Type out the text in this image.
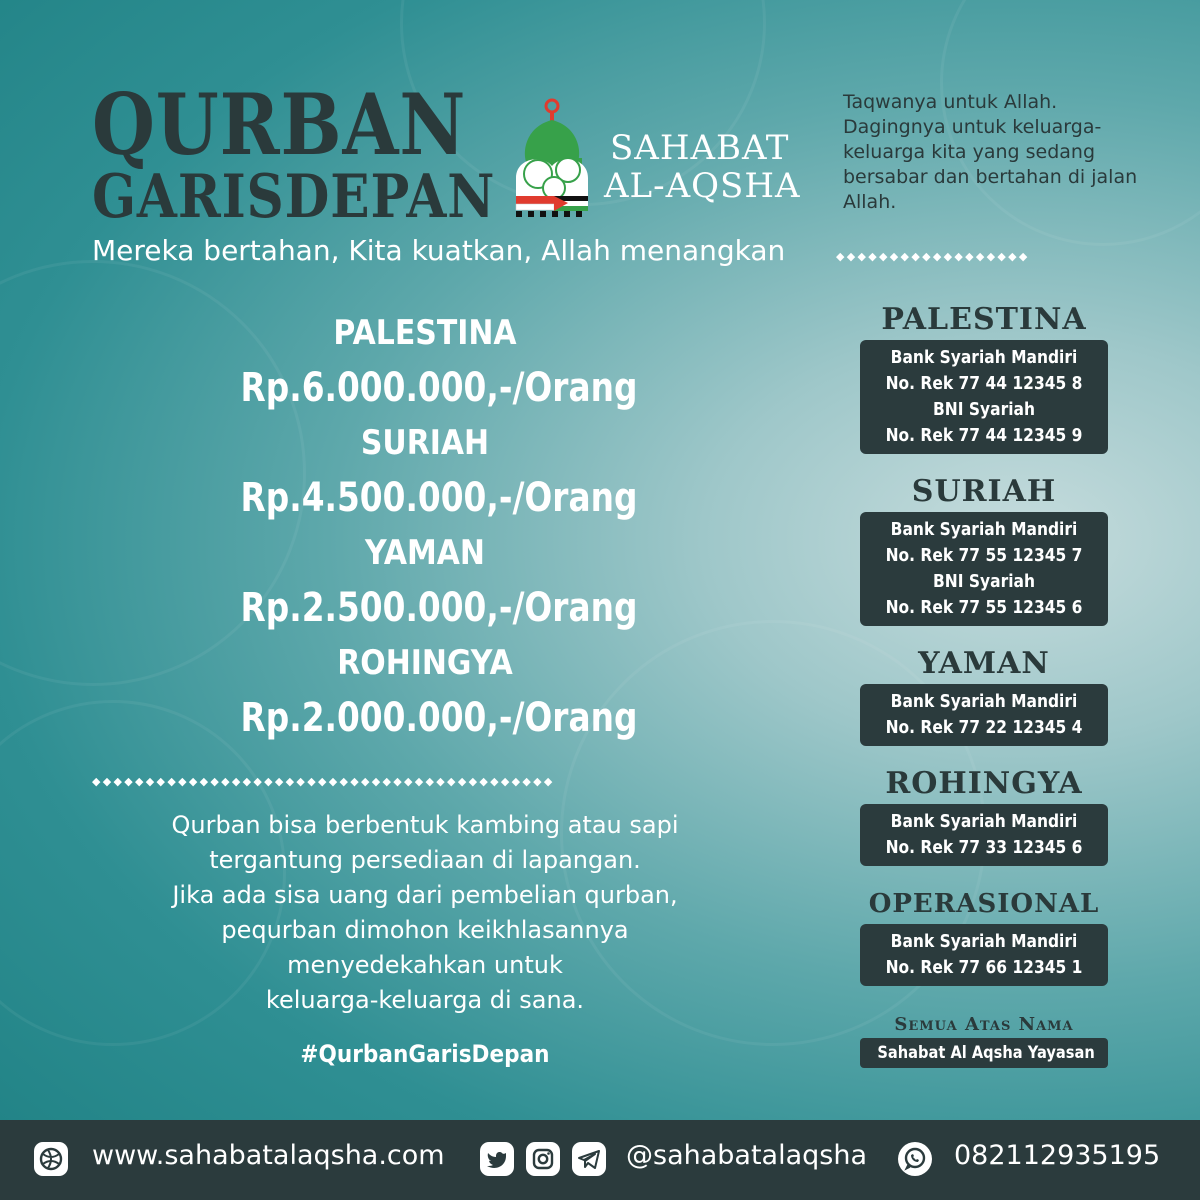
QURBAN
GARISDEPAN
Mereka bertahan, Kita kuatkan, Allah menangkan
SAHABAT
AL-AQSHA
Taqwanya untuk Allah. Dagingnya untuk keluarga-keluarga kita yang sedang bersabar dan bertahan di jalan Allah.
◆◆◆◆◆◆◆◆◆◆◆◆◆◆◆◆◆◆
PALESTINA
Rp.6.000.000,-/Orang
SURIAH
Rp.4.500.000,-/Orang
YAMAN
Rp.2.500.000,-/Orang
ROHINGYA
Rp.2.000.000,-/Orang
◆◆◆◆◆◆◆◆◆◆◆◆◆◆◆◆◆◆◆◆◆◆◆◆◆◆◆◆◆◆◆◆◆◆◆◆◆◆◆◆◆◆◆
Qurban bisa berbentuk kambing atau sapi
tergantung persediaan di lapangan.
Jika ada sisa uang dari pembelian qurban,
pequrban dimohon keikhlasannya
menyedekahkan untuk
keluarga-keluarga di sana.
#QurbanGarisDepan
PALESTINA
Bank Syariah Mandiri
No. Rek 77 44 12345 8
BNI Syariah
No. Rek 77 44 12345 9
SURIAH
Bank Syariah Mandiri
No. Rek 77 55 12345 7
BNI Syariah
No. Rek 77 55 12345 6
YAMAN
Bank Syariah Mandiri
No. Rek 77 22 12345 4
ROHINGYA
Bank Syariah Mandiri
No. Rek 77 33 12345 6
OPERASIONAL
Bank Syariah Mandiri
No. Rek 77 66 12345 1
Semua Atas Nama
Sahabat Al Aqsha Yayasan
www.sahabatalaqsha.com	@sahabatalaqsha	082112935195
